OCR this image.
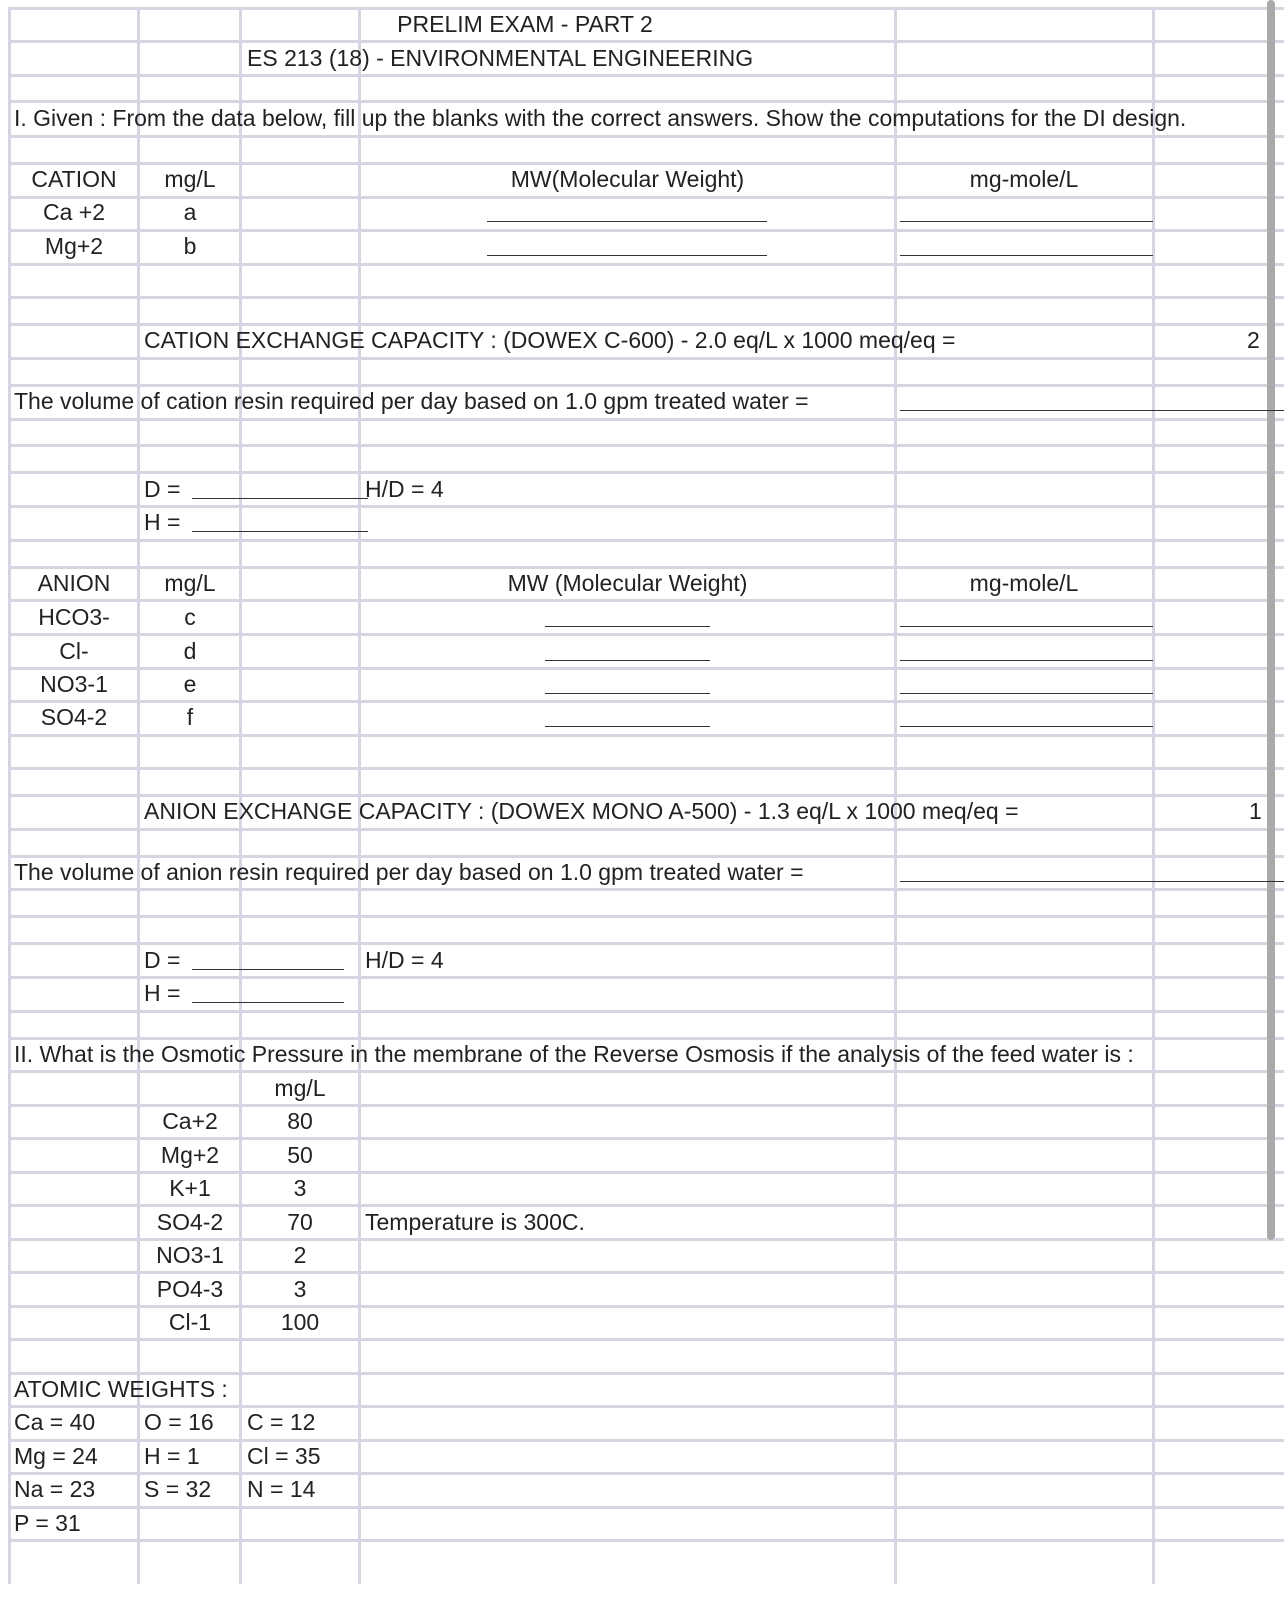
PRELIM EXAM - PART 2
ES 213 (18) - ENVIRONMENTAL ENGINEERING
I. Given : From the data below, fill up the blanks with the correct answers. Show the computations for the DI design.
CATION	mg/L	MW(Molecular Weight)	mg-mole/L
Ca +2	a
Mg+2	b
CATION EXCHANGE CAPACITY : (DOWEX C-600) - 2.0 eq/L x 1000 meq/eq =	2
The volume of cation resin required per day based on 1.0 gpm treated water =
D =	H/D = 4
H =
ANION	mg/L	MW (Molecular Weight)	mg-mole/L
HCO3-	c
Cl-	d
NO3-1	e
SO4-2	f
ANION EXCHANGE CAPACITY : (DOWEX MONO A-500) - 1.3 eq/L x 1000 meq/eq =	1
The volume of anion resin required per day based on 1.0 gpm treated water =
D =	H/D = 4
H =
II. What is the Osmotic Pressure in the membrane of the Reverse Osmosis if the analysis of the feed water is :
mg/L
Ca+2	80
Mg+2	50
K+1	3
SO4-2	70	Temperature is 300C.
NO3-1	2
PO4-3	3
Cl-1	100
ATOMIC WEIGHTS :
Ca = 40 O = 16 C = 12
Mg = 24 H = 1 Cl = 35
Na = 23 S = 32 N = 14
P = 31
